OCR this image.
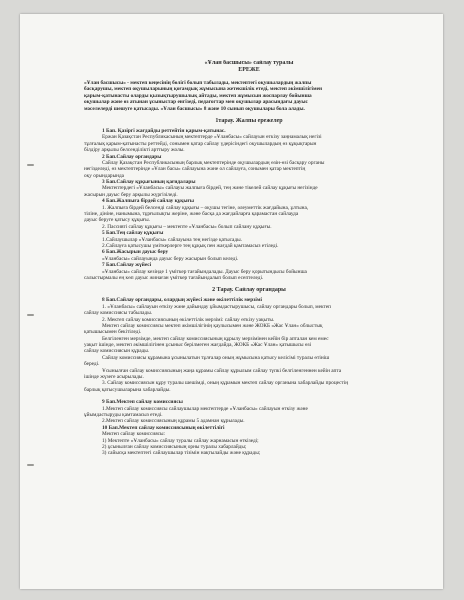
«Ұлан басшысы» сайлау туралы
ЕРЕЖЕ
«Ұлан басшысы» - мектеп кеңесінің бөлігі болып табылады, мектептегі оқушылардың жалпы
басқарушы, мектеп оқушыларының қоғамдық жұмысына жетекшілік етеді, мектеп әкімшілігімен
қарым-қатынасты оларды қызықтырушылық айтады, мектеп жұмысын жоспарлау бойынша
оқушылар және өз атынан ұсыныстар енгізеді, педагогтар мен оқушылар арасындағы дауыс
мәселелерді шешуге қатысады. «Ұлан басшысы» 8 және 10 сынып оқушылары бола алады.
1тарау. Жалпы ережелер
1 Бап. Қазіргі жағдайды реттейтін қарым-қатынас.
Ержан Қазақстан Республикасының мектептерде «Ұланбасы» сайлауын өткізу заңнамалық негізі
тұлғалық қарым-қатынасты реттейді, сонымен қатар сайлау үдерісіндегі оқушылардың өз құқықтарын
білдіру арқылы белсенділікті арттыру жолы.
2 Бап.Сайлау органдары
Сайлау Қазақстан Республикасының барлық мектептерінде оқушылардың өзін-өзі басқару органы
негізделеді, өз мектептерінде «Ұлан басы» сайлауына және ол сайлауға, сонымен қатар мектептің
оқу орындарында
3 Бап.Сайлау құқығының қағидалары
Мектептердегі «Ұланбасы» сайлауы жалпыға бірдей, тең және тікелей сайлау құқығы негізінде
жасырын дауыс беру арқылы жүргізіледі.
4 Бап.Жалпыға бірдей сайлау құқығы
1. Жалпыға бірдей белсенді сайлау құқығы – оқушы тегіне, әлеуметтік жағдайына, ұлтына,
тіліне, дініне, нанымына, тұрғылықты жеріне, және басқа да жағдайларға қарамастан сайлауда
дауыс беруге қатысу құқығы.
2. Пассивті сайлау құқығы – мектепте «Ұланбасы» болып сайлану құқығы.
5 Бап.Тең сайлау құқығы
1.Сайлаушылар «Ұланбасы» сайлауына тең негізде қатысады.
2.Сайлауға қатысушы үміткерлерге тең құқық пен жағдай қамтамасыз етіледі.
6 Бап.Жасырын дауыс беру
«Ұланбасы» сайлауында дауыс беру жасырын болып келеді.
7 Бап.Сайлау жүйесі
«Ұланбасы» сайлау кезінде 1 үміткер тағайындалады. Дауыс беру қорытындысы бойынша
салыстырмалы ең көп дауыс жинаған үміткер тағайындалып болып есептеледі.
2 Тарау. Сайлау органдары
8 Бап.Сайлау органдары, олардың жүйесі және өкілеттілік мерзімі
1. «Ұланбасы» сайлауын өткізу және дайындау ұйымдастырушысы, сайлау органдары болып, мектеп
сайлау комиссиясы табылады.
2. Мектеп сайлау комиссиясының өкілеттілік мерзімі: сайлау өткізу уақыты.
Мектеп сайлау комиссиясы мектеп әкімшілігінің қаулысымен және ЖОКБ «Жас Ұлан» облыстық
қатышысымен бекітіледі.
Белгіленген мерзімде, мектеп сайлау комиссиясының құрылу мерзімінен кейін бір апталан кем емес
уақыт ішінде, мектеп әкімшілігінен ұсыныс берілмеген жағдайда, ЖОКБ «Жас Ұлан» қатышысы өзі
сайлау комиссиясын құрады.
Сайлау комиссиясы құрамына ұсынылатын тұлғалар оның жұмысына қатысу келісімі туралы өтініш
береді.
Ұсынылған сайлау комиссиясының жаңа құрамы сайлау құрылым сайлау түпкі белгіленгеннен кейін апта
ішінде жүзеге асырылады.
3. Сайлау комиссиясын құру туралы шешімді, оның құрамын мектеп сайлау органына хабарлайды процестің
барлық қатысушыларына хабарлайды.
9 Бап.Мектеп сайлау комиссиясы
1.Мектеп сайлау комиссиясы сайлаушылар мектептерде «Ұланбасы» сайлауын өткізу және
ұйымдастыруды қамтамасыз етеді.
2.Мектеп сайлау комиссиясының құрамы 5 адамнан құрылады.
10 Бап.Мектеп сайлау комиссиясының өкілеттілігі
Мектеп сайлау комиссиясы:
1) Мектепте «Ұланбасы» сайлау туралы сайлау жарнамасын өткізеді;
2) ұсынылған сайлау комиссиясының орны туралы хабарлайды;
3) сайысқа мектептегі сайлаушылар тізімін нақтылайды және құрады;
